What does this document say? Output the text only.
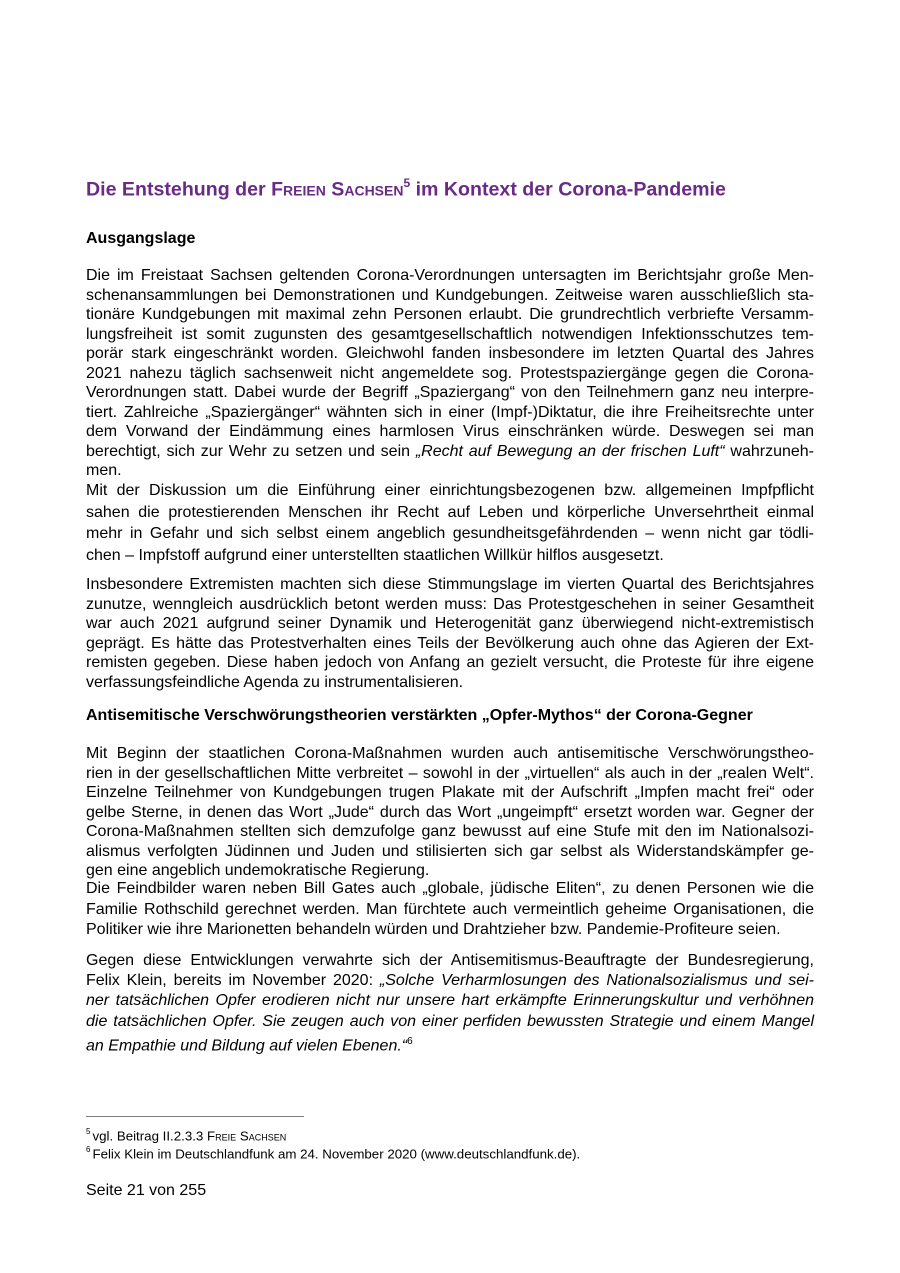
Die Entstehung der Freien Sachsen$^5$ im Kontext der Corona-Pandemie
Ausgangslage
Die im Freistaat Sachsen geltenden Corona-Verordnungen untersagten im Berichtsjahr große Men-
schenansammlungen bei Demonstrationen und Kundgebungen. Zeitweise waren ausschließlich sta-
tionäre Kundgebungen mit maximal zehn Personen erlaubt. Die grundrechtlich verbriefte Versamm-
lungsfreiheit ist somit zugunsten des gesamtgesellschaftlich notwendigen Infektionsschutzes tem-
porär stark eingeschränkt worden. Gleichwohl fanden insbesondere im letzten Quartal des Jahres
2021 nahezu täglich sachsenweit nicht angemeldete sog. Protestspaziergänge gegen die Corona-
Verordnungen statt. Dabei wurde der Begriff „Spaziergang“ von den Teilnehmern ganz neu interpre-
tiert. Zahlreiche „Spaziergänger“ wähnten sich in einer (Impf-)Diktatur, die ihre Freiheitsrechte unter
dem Vorwand der Eindämmung eines harmlosen Virus einschränken würde. Deswegen sei man
berechtigt, sich zur Wehr zu setzen und sein „Recht auf Bewegung an der frischen Luft“ wahrzuneh-
men.
Mit der Diskussion um die Einführung einer einrichtungsbezogenen bzw. allgemeinen Impfpflicht
sahen die protestierenden Menschen ihr Recht auf Leben und körperliche Unversehrtheit einmal
mehr in Gefahr und sich selbst einem angeblich gesundheitsgefährdenden – wenn nicht gar tödli-
chen – Impfstoff aufgrund einer unterstellten staatlichen Willkür hilflos ausgesetzt.
Insbesondere Extremisten machten sich diese Stimmungslage im vierten Quartal des Berichtsjahres
zunutze, wenngleich ausdrücklich betont werden muss: Das Protestgeschehen in seiner Gesamtheit
war auch 2021 aufgrund seiner Dynamik und Heterogenität ganz überwiegend nicht-extremistisch
geprägt. Es hätte das Protestverhalten eines Teils der Bevölkerung auch ohne das Agieren der Ext-
remisten gegeben. Diese haben jedoch von Anfang an gezielt versucht, die Proteste für ihre eigene
verfassungsfeindliche Agenda zu instrumentalisieren.
Antisemitische Verschwörungstheorien verstärkten „Opfer-Mythos“ der Corona-Gegner
Mit Beginn der staatlichen Corona-Maßnahmen wurden auch antisemitische Verschwörungstheo-
rien in der gesellschaftlichen Mitte verbreitet – sowohl in der „virtuellen“ als auch in der „realen Welt“.
Einzelne Teilnehmer von Kundgebungen trugen Plakate mit der Aufschrift „Impfen macht frei“ oder
gelbe Sterne, in denen das Wort „Jude“ durch das Wort „ungeimpft“ ersetzt worden war. Gegner der
Corona-Maßnahmen stellten sich demzufolge ganz bewusst auf eine Stufe mit den im Nationalsozi-
alismus verfolgten Jüdinnen und Juden und stilisierten sich gar selbst als Widerstandskämpfer ge-
gen eine angeblich undemokratische Regierung.
Die Feindbilder waren neben Bill Gates auch „globale, jüdische Eliten“, zu denen Personen wie die
Familie Rothschild gerechnet werden. Man fürchtete auch vermeintlich geheime Organisationen, die
Politiker wie ihre Marionetten behandeln würden und Drahtzieher bzw. Pandemie-Profiteure seien.
Gegen diese Entwicklungen verwahrte sich der Antisemitismus-Beauftragte der Bundesregierung,
Felix Klein, bereits im November 2020: „Solche Verharmlosungen des Nationalsozialismus und sei-
ner tatsächlichen Opfer erodieren nicht nur unsere hart erkämpfte Erinnerungskultur und verhöhnen
die tatsächlichen Opfer. Sie zeugen auch von einer perfiden bewussten Strategie und einem Mangel
an Empathie und Bildung auf vielen Ebenen.“$^6$
$^5$ vgl. Beitrag II.2.3.3 Freie Sachsen
$^6$ Felix Klein im Deutschlandfunk am 24. November 2020 (www.deutschlandfunk.de).
Seite 21 von 255
